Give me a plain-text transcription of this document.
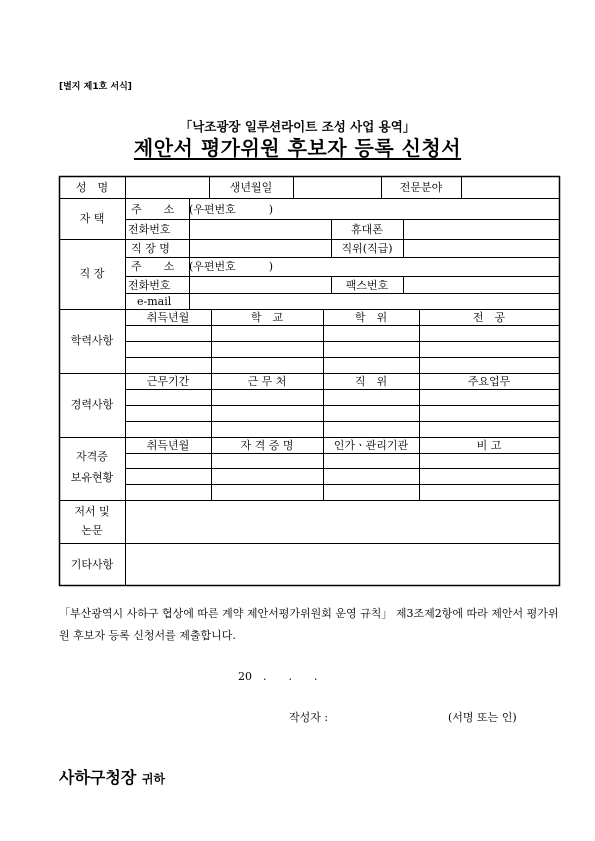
[별지 제1호 서식]
「낙조광장 일루션라이트 조성 사업 용역」
제안서 평가위원 후보자 등록 신청서
성　명	생년월일	전문분야
자 택
주　　소 (우편번호　　　)
전화번호	휴대폰
직 장
직 장 명	직위(직급)
주　　소 (우편번호　　　)
전화번호	팩스번호
e-mail
학력사항
취득년월	학　교	학　위	전　공
경력사항
근무기간	근 무 처	직　위	주요업무
자격증
보유현황
취득년월	자 격 증 명	인가ㆍ관리기관	비 고
저서 및
논문
기타사항
「부산광역시 사하구 협상에 따른 계약 제안서평가위원회 운영 규칙」 제3조제2항에 따라 제안서 평가위원 후보자 등록 신청서를 제출합니다.
20　.　　.　　.
작성자 :	(서명 또는 인)
사하구청장 귀하
